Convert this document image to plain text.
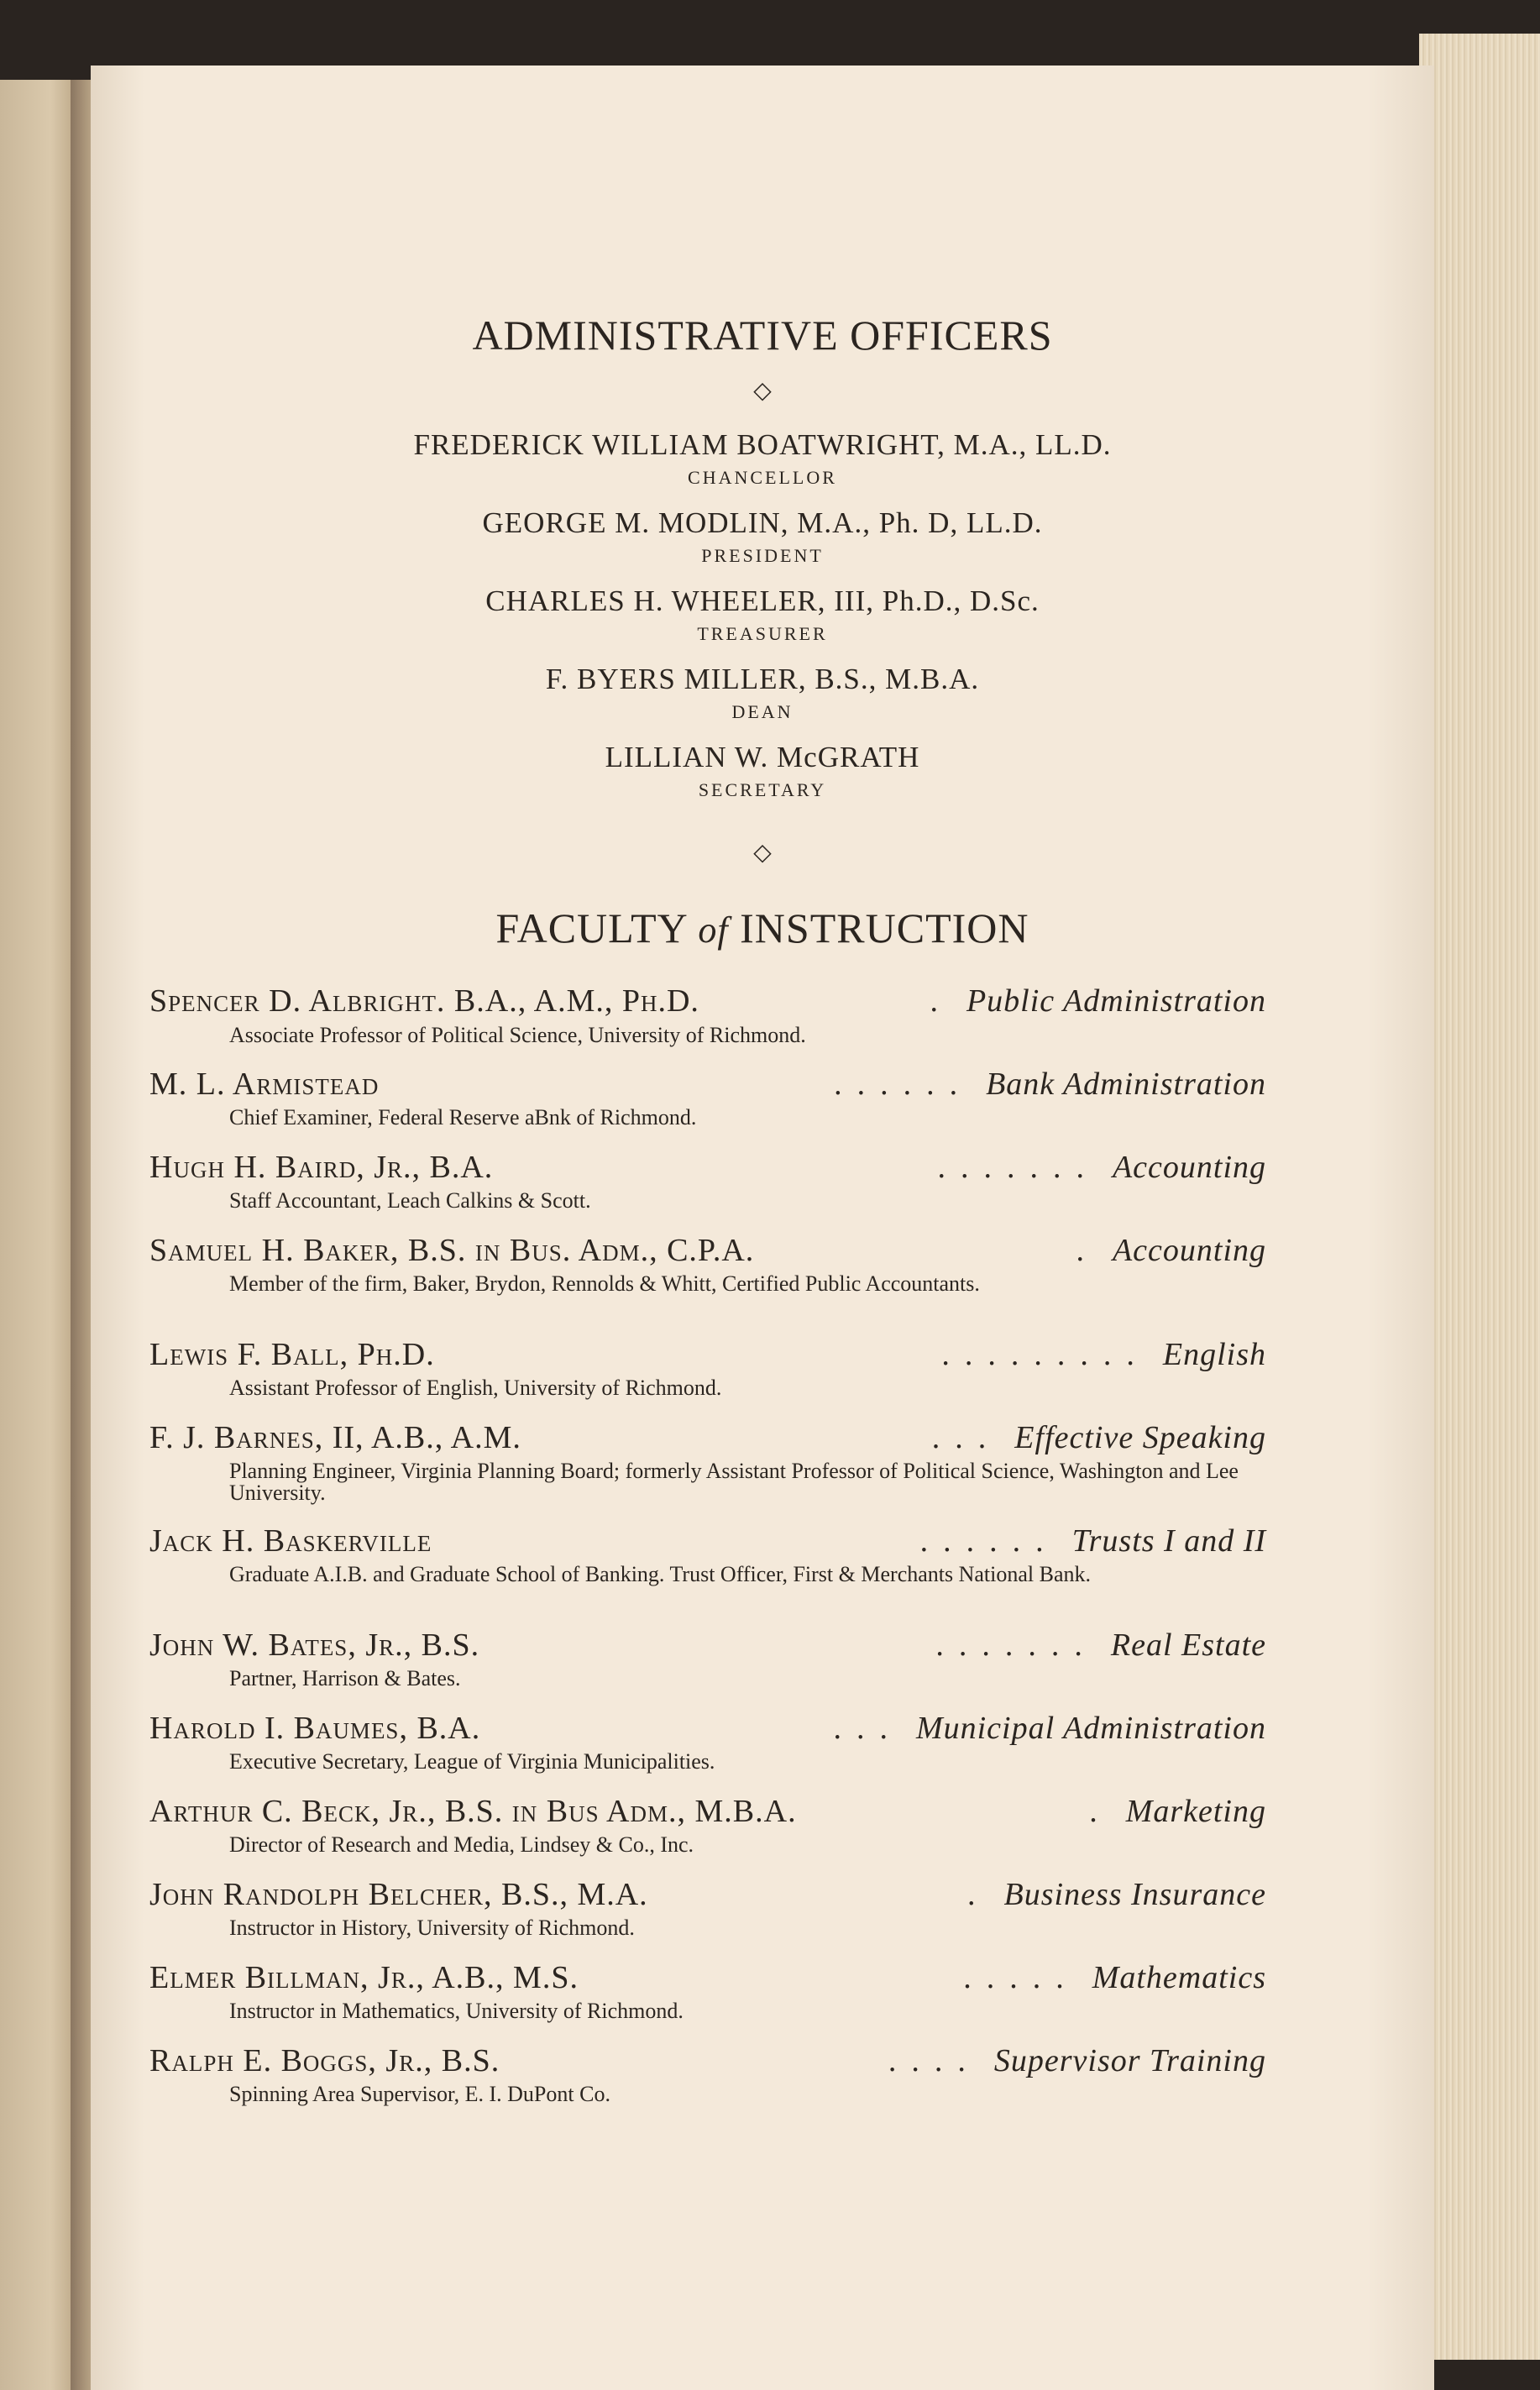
ADMINISTRATIVE OFFICERS
◇
FREDERICK WILLIAM BOATWRIGHT, M.A., LL.D.
CHANCELLOR
GEORGE M. MODLIN, M.A., Ph. D, LL.D.
PRESIDENT
CHARLES H. WHEELER, III, Ph.D., D.Sc.
TREASURER
F. BYERS MILLER, B.S., M.B.A.
DEAN
LILLIAN W. McGRATH
SECRETARY
◇
FACULTY of INSTRUCTION
Spencer D. Albright. B.A., A.M., Ph.D.	. Public Administration
Associate Professor of Political Science, University of Richmond.
M. L. Armistead	...... Bank Administration
Chief Examiner, Federal Reserve aBnk of Richmond.
Hugh H. Baird, Jr., B.A.	....... Accounting
Staff Accountant, Leach Calkins & Scott.
Samuel H. Baker, B.S. in Bus. Adm., C.P.A.	. Accounting
Member of the firm, Baker, Brydon, Rennolds & Whitt, Certified Public Accountants.
Lewis F. Ball, Ph.D.	......... English
Assistant Professor of English, University of Richmond.
F. J. Barnes, II, A.B., A.M.	... Effective Speaking
Planning Engineer, Virginia Planning Board; formerly Assistant Professor of Political Science, Washington and Lee University.
Jack H. Baskerville	...... Trusts I and II
Graduate A.I.B. and Graduate School of Banking. Trust Officer, First & Merchants National Bank.
John W. Bates, Jr., B.S.	....... Real Estate
Partner, Harrison & Bates.
Harold I. Baumes, B.A.	... Municipal Administration
Executive Secretary, League of Virginia Municipalities.
Arthur C. Beck, Jr., B.S. in Bus Adm., M.B.A.	. Marketing
Director of Research and Media, Lindsey & Co., Inc.
John Randolph Belcher, B.S., M.A.	. Business Insurance
Instructor in History, University of Richmond.
Elmer Billman, Jr., A.B., M.S.	..... Mathematics
Instructor in Mathematics, University of Richmond.
Ralph E. Boggs, Jr., B.S.	.... Supervisor Training
Spinning Area Supervisor, E. I. DuPont Co.
